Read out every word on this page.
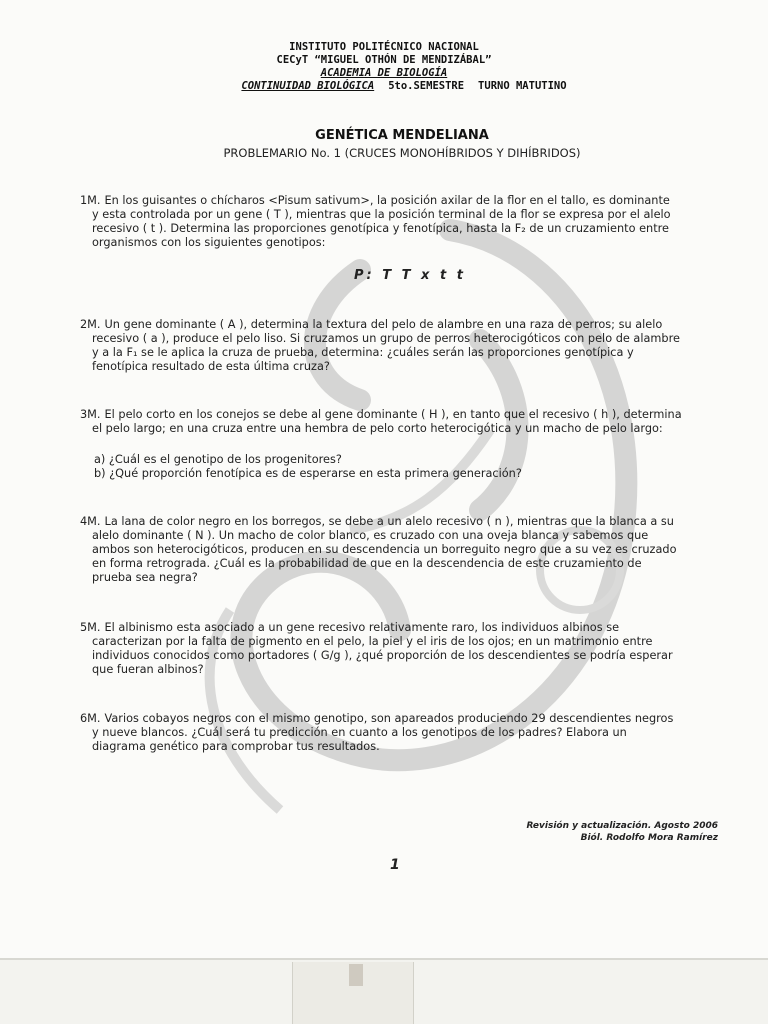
INSTITUTO POLITÉCNICO NACIONAL
CECyT “MIGUEL OTHÓN DE MENDIZÁBAL”
ACADEMIA DE BIOLOGÍA
CONTINUIDAD BIOLÓGICA 5to.SEMESTRE TURNO MATUTINO
GENÉTICA MENDELIANA
PROBLEMARIO No. 1 (CRUCES MONOHÍBRIDOS Y DIHÍBRIDOS)
1M. En los guisantes o chícharos <Pisum sativum>, la posición axilar de la flor en el tallo, es dominante
y esta controlada por un gene ( T ), mientras que la posición terminal de la flor se expresa por el alelo
recesivo ( t ). Determina las proporciones genotípica y fenotípica, hasta la F₂ de un cruzamiento entre
organismos con los siguientes genotipos:
P: T T x t t
2M. Un gene dominante ( A ), determina la textura del pelo de alambre en una raza de perros; su alelo
recesivo ( a ), produce el pelo liso. Si cruzamos un grupo de perros heterocigóticos con pelo de alambre
y a la F₁ se le aplica la cruza de prueba, determina: ¿cuáles serán las proporciones genotípica y
fenotípica resultado de esta última cruza?
3M. El pelo corto en los conejos se debe al gene dominante ( H ), en tanto que el recesivo ( h ), determina
el pelo largo; en una cruza entre una hembra de pelo corto heterocigótica y un macho de pelo largo:
a) ¿Cuál es el genotipo de los progenitores?
b) ¿Qué proporción fenotípica es de esperarse en esta primera generación?
4M. La lana de color negro en los borregos, se debe a un alelo recesivo ( n ), mientras que la blanca a su
alelo dominante ( N ). Un macho de color blanco, es cruzado con una oveja blanca y sabemos que
ambos son heterocigóticos, producen en su descendencia un borreguito negro que a su vez es cruzado
en forma retrograda. ¿Cuál es la probabilidad de que en la descendencia de este cruzamiento de
prueba sea negra?
5M. El albinismo esta asociado a un gene recesivo relativamente raro, los individuos albinos se
caracterizan por la falta de pigmento en el pelo, la piel y el iris de los ojos; en un matrimonio entre
individuos conocidos como portadores ( G/g ), ¿qué proporción de los descendientes se podría esperar
que fueran albinos?
6M. Varios cobayos negros con el mismo genotipo, son apareados produciendo 29 descendientes negros
y nueve blancos. ¿Cuál será tu predicción en cuanto a los genotipos de los padres? Elabora un
diagrama genético para comprobar tus resultados.
Revisión y actualización. Agosto 2006
Biól. Rodolfo Mora Ramírez
1
